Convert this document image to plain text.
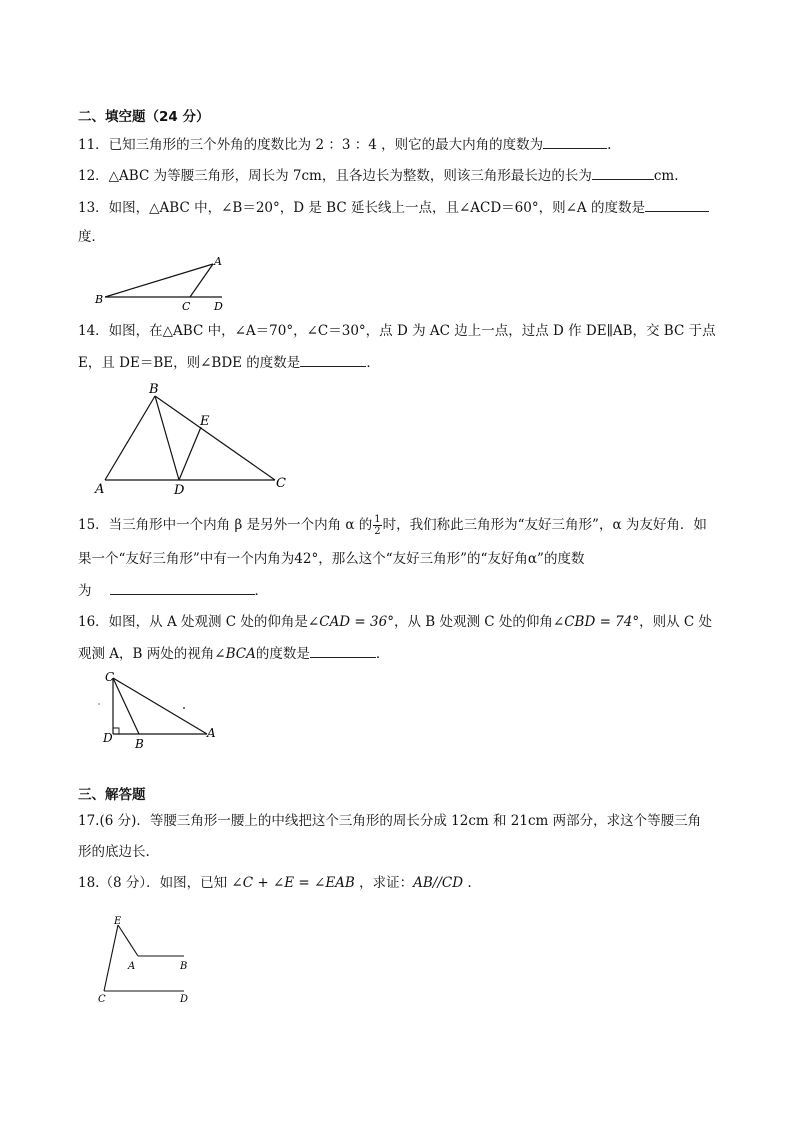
二、填空题（24 分）
11．已知三角形的三个外角的度数比为 2 ：3 ：4 ，则它的最大内角的度数为	.
12．△ABC 为等腰三角形，周长为 7cm，且各边长为整数，则该三角形最长边的长为	cm.
13．如图，△ABC 中，∠B＝20°，D 是 BC 延长线上一点，且∠ACD＝60°，则∠A 的度数是
度．
A
B
C D
14．如图，在△ABC 中，∠A＝70°，∠C＝30°，点 D 为 AC 边上一点，过点 D 作 DE∥AB，交 BC 于点
E，且 DE＝BE，则∠BDE 的度数是	．
A
B
C
D
E
15．当三角形中一个内角 β 是另外一个内角 α 的 $\frac{1}{2}$ 时，我们称此三角形为“友好三角形”，α 为友好角．如
果一个“友好三角形”中有一个内角为42°，那么这个“友好三角形”的“友好角α”的度数
为	．
16．如图，从 A 处观测 C 处的仰角是∠CAD = 36°，从 B 处观测 C 处的仰角∠CBD = 74°，则从 C 处
观测 A，B 两处的视角∠BCA的度数是	．
C
D B
A
三、解答题
17.(6 分)．等腰三角形一腰上的中线把这个三角形的周长分成 12cm 和 21cm 两部分，求这个等腰三角
形的底边长.
18.（8 分）．如图，已知 ∠C + ∠E = ∠EAB ，求证：AB//CD .
E
A	B
C	D
